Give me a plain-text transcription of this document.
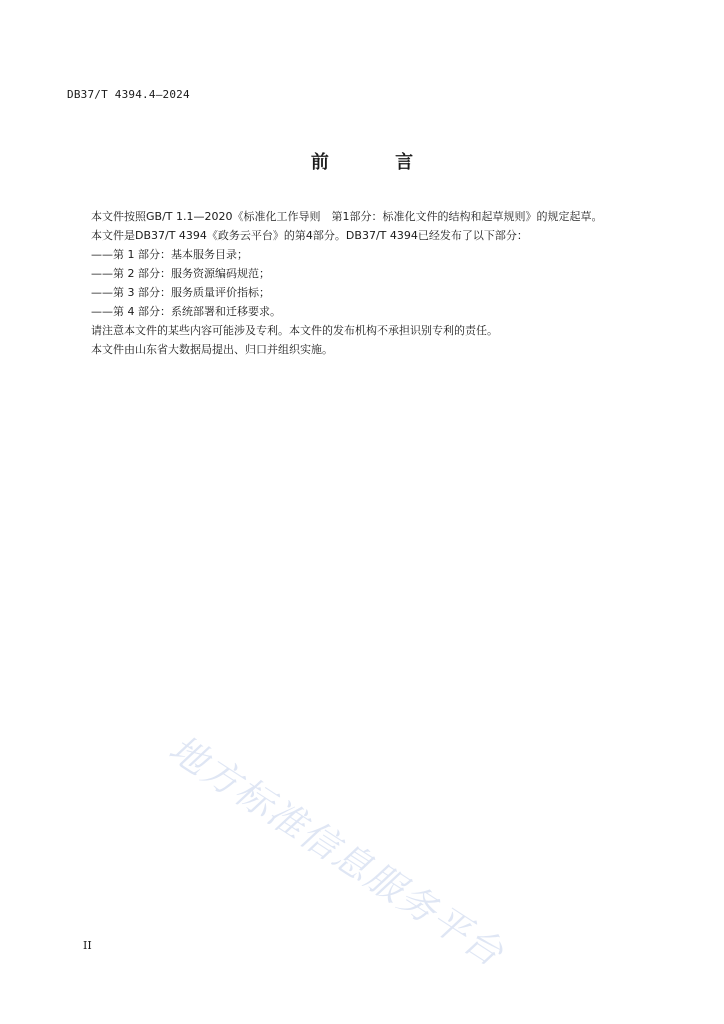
DB37/T 4394.4—2024
前 言

本文件按照GB/T 1.1—2020《标准化工作导则　第1部分：标准化文件的结构和起草规则》的规定起草。

本文件是DB37/T 4394《政务云平台》的第4部分。DB37/T 4394已经发布了以下部分：

——第 1 部分：基本服务目录；

——第 2 部分：服务资源编码规范；

——第 3 部分：服务质量评价指标；

——第 4 部分：系统部署和迁移要求。

请注意本文件的某些内容可能涉及专利。本文件的发布机构不承担识别专利的责任。

本文件由山东省大数据局提出、归口并组织实施。

地方标准信息服务平台
II
